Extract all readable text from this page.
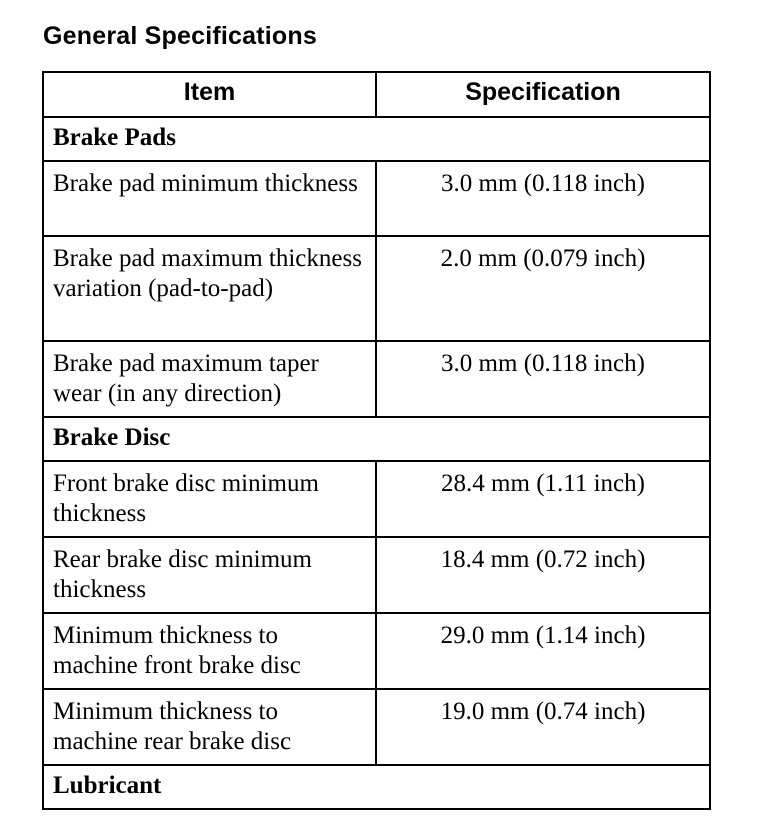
General Specifications
Item	Specification
Brake Pads	
Brake pad minimum thickness	3.0 mm (0.118 inch)
Brake pad maximum thickness variation (pad-to-pad)	2.0 mm (0.079 inch)
Brake pad maximum taper wear (in any direction)	3.0 mm (0.118 inch)
Brake Disc	
Front brake disc minimum thickness	28.4 mm (1.11 inch)
Rear brake disc minimum thickness	18.4 mm (0.72 inch)
Minimum thickness to machine front brake disc	29.0 mm (1.14 inch)
Minimum thickness to machine rear brake disc	19.0 mm (0.74 inch)
Lubricant	
